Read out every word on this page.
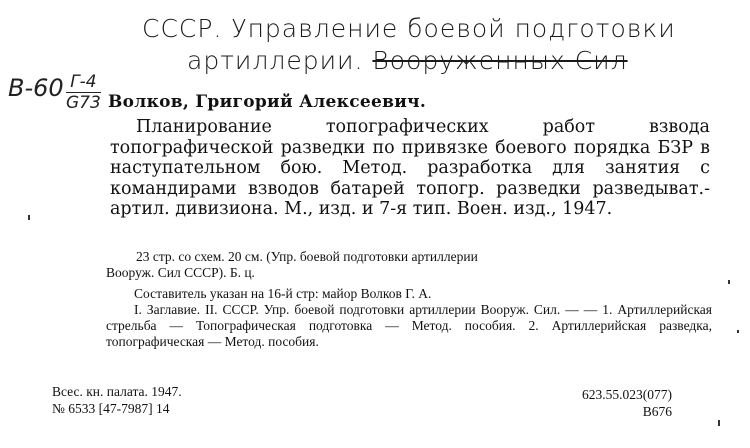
СССР. Управление боевой подготовки
артиллерии. Вооруженных Сил
В-60 Г-4
G73 Волков, Григорий Алексеевич.
Планирование топографических работ взвода топографической разведки по привязке боевого порядка БЗР в наступательном бою. Метод. разработка для занятия с командирами взводов батарей топогр. разведки разведыват.-артил. дивизиона. М., изд. и 7-я тип. Воен. изд., 1947.
23 стр. со схем. 20 см. (Упр. боевой подготовки артиллерии
Вооруж. Сил СССР). Б. ц.
Составитель указан на 16-й стр: майор Волков Г. А.
I. Заглавие. II. СССР. Упр. боевой подготовки артиллерии Вооруж. Сил. — — 1. Артиллерийская стрельба — Топографическая подготовка — Метод. пособия. 2. Артиллерийская разведка, топографическая — Метод. пособия.
Всес. кн. палата. 1947.
№ 6533 [47-7987] 14
623.55.023(077)
В676
